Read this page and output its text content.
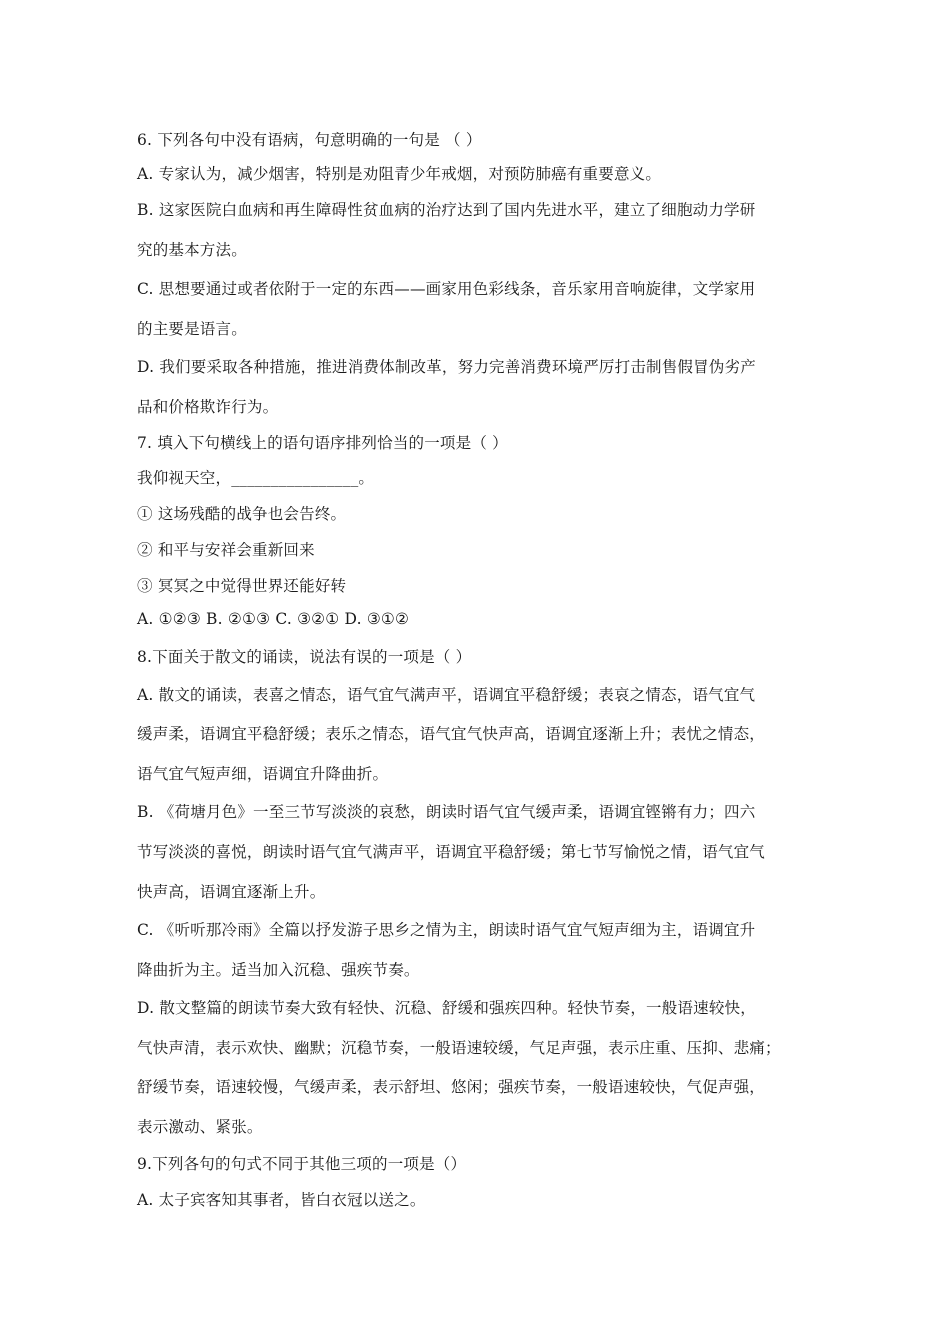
6. 下列各句中没有语病，句意明确的一句是 （ ）
A. 专家认为，减少烟害，特别是劝阻青少年戒烟，对预防肺癌有重要意义。
B. 这家医院白血病和再生障碍性贫血病的治疗达到了国内先进水平，建立了细胞动力学研
究的基本方法。
C. 思想要通过或者依附于一定的东西——画家用色彩线条，音乐家用音响旋律，文学家用
的主要是语言。
D. 我们要采取各种措施，推进消费体制改革，努力完善消费环境严厉打击制售假冒伪劣产
品和价格欺诈行为。
7. 填入下句横线上的语句语序排列恰当的一项是（ ）
我仰视天空，________________。
① 这场残酷的战争也会告终。
② 和平与安祥会重新回来
③ 冥冥之中觉得世界还能好转
A. ①②③ B. ②①③ C. ③②① D. ③①②
8.下面关于散文的诵读，说法有误的一项是（ ）
A. 散文的诵读，表喜之情态，语气宜气满声平，语调宜平稳舒缓；表哀之情态，语气宜气
缓声柔，语调宜平稳舒缓；表乐之情态，语气宜气快声高，语调宜逐渐上升；表忧之情态，
语气宜气短声细，语调宜升降曲折。
B. 《荷塘月色》一至三节写淡淡的哀愁，朗读时语气宜气缓声柔，语调宜铿锵有力；四六
节写淡淡的喜悦，朗读时语气宜气满声平，语调宜平稳舒缓；第七节写愉悦之情，语气宜气
快声高，语调宜逐渐上升。
C. 《听听那冷雨》全篇以抒发游子思乡之情为主，朗读时语气宜气短声细为主，语调宜升
降曲折为主。适当加入沉稳、强疾节奏。
D. 散文整篇的朗读节奏大致有轻快、沉稳、舒缓和强疾四种。轻快节奏，一般语速较快，
气快声清，表示欢快、幽默；沉稳节奏，一般语速较缓，气足声强，表示庄重、压抑、悲痛；
舒缓节奏，语速较慢，气缓声柔，表示舒坦、悠闲；强疾节奏，一般语速较快，气促声强，
表示激动、紧张。
9.下列各句的句式不同于其他三项的一项是（）
A. 太子宾客知其事者，皆白衣冠以送之。
